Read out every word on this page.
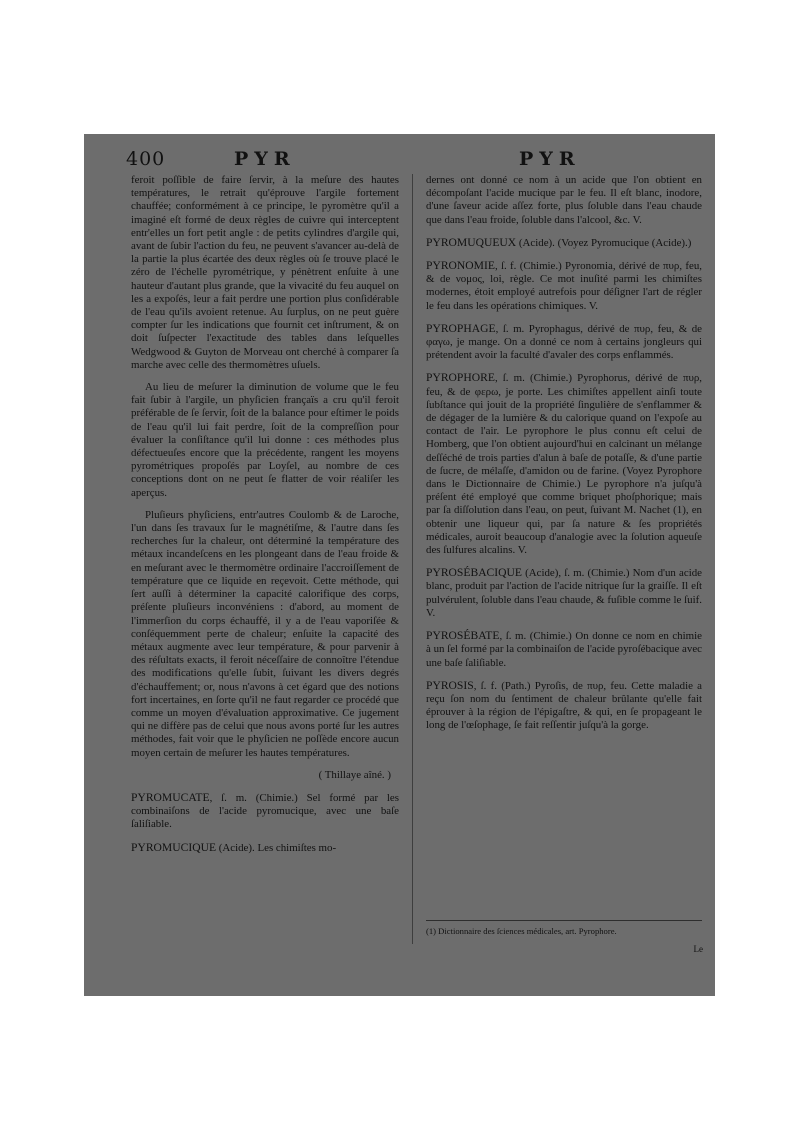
400	PYR	PYR

feroit poſſible de faire ſervir, à la meſure des hautes températures, le retrait qu'éprouve l'argile fortement chauffée; conformément à ce principe, le pyromètre qu'il a imaginé eſt formé de deux règles de cuivre qui interceptent entr'elles un fort petit angle : de petits cylindres d'argile qui, avant de ſubir l'action du feu, ne peuvent s'avancer au-delà de la partie la plus écartée des deux règles où ſe trouve placé le zéro de l'échelle pyrométrique, y pénètrent enſuite à une hauteur d'autant plus grande, que la vivacité du feu auquel on les a expoſés, leur a fait perdre une portion plus conſidérable de l'eau qu'ils avoient retenue. Au ſurplus, on ne peut guère compter ſur les indications que fournit cet inſtrument, & on doit ſuſpecter l'exactitude des tables dans leſquelles Wedgwood & Guyton de Morveau ont cherché à comparer ſa marche avec celle des thermomètres uſuels.

Au lieu de meſurer la diminution de volume que le feu fait ſubir à l'argile, un phyſicien françaïs a cru qu'il feroit préférable de ſe ſervir, ſoit de la balance pour eſtimer le poids de l'eau qu'il lui fait perdre, ſoit de la compreſſion pour évaluer la conſiſtance qu'il lui donne : ces méthodes plus défectueuſes encore que la précédente, rangent les moyens pyrométriques propoſés par Loyſel, au nombre de ces conceptions dont on ne peut ſe flatter de voir réaliſer les aperçus.

Pluſieurs phyſiciens, entr'autres Coulomb & de Laroche, l'un dans ſes travaux ſur le magnétiſme, & l'autre dans ſes recherches ſur la chaleur, ont déterminé la température des métaux incandeſcens en les plongeant dans de l'eau froide & en meſurant avec le thermomètre ordinaire l'accroiſſement de température que ce liquide en reçevoit. Cette méthode, qui ſert auſſi à déterminer la capacité calorifique des corps, préſente pluſieurs inconvéniens : d'abord, au moment de l'immerſion du corps échauffé, il y a de l'eau vaporiſée & conſéquemment perte de chaleur; enſuite la capacité des métaux augmente avec leur température, & pour parvenir à des réſultats exacts, il feroit néceſſaire de connoître l'étendue des modifications qu'elle ſubit, ſuivant les divers degrés d'échauffement; or, nous n'avons à cet égard que des notions fort incertaines, en ſorte qu'il ne faut regarder ce procédé que comme un moyen d'évaluation approximative. Ce jugement qui ne diffère pas de celui que nous avons porté ſur les autres méthodes, fait voir que le phyſicien ne poſſède encore aucun moyen certain de meſurer les hautes températures.

( Thillaye aîné. )

PYROMUCATE, ſ. m. (Chimie.) Sel formé par les combinaiſons de l'acide pyromucique, avec une baſe ſaliſiable.

PYROMUCIQUE (Acide). Les chimiſtes mo-

dernes ont donné ce nom à un acide que l'on obtient en décompoſant l'acide mucique par le feu. Il eſt blanc, inodore, d'une ſaveur acide aſſez forte, plus ſoluble dans l'eau chaude que dans l'eau froide, ſoluble dans l'alcool, &c. V.

PYROMUQUEUX (Acide). (Voyez Pyromucique (Acide).)

PYRONOMIE, ſ. f. (Chimie.) Pyronomia, dérivé de πυρ, feu, & de νομος, loi, règle. Ce mot inuſité parmi les chimiſtes modernes, étoit employé autrefois pour déſigner l'art de régler le feu dans les opérations chimiques. V.

PYROPHAGE, ſ. m. Pyrophagus, dérivé de πυρ, feu, & de φαγω, je mange. On a donné ce nom à certains jongleurs qui prétendent avoir la faculté d'avaler des corps enflammés.

PYROPHORE, ſ. m. (Chimie.) Pyrophorus, dérivé de πυρ, feu, & de φερω, je porte. Les chimiſtes appellent ainſi toute ſubſtance qui jouit de la propriété ſingulière de s'enflammer & de dégager de la lumière & du calorique quand on l'expoſe au contact de l'air. Le pyrophore le plus connu eſt celui de Homberg, que l'on obtient aujourd'hui en calcinant un mélange deſſéché de trois parties d'alun à baſe de potaſſe, & d'une partie de ſucre, de mélaſſe, d'amidon ou de farine. (Voyez Pyrophore dans le Dictionnaire de Chimie.) Le pyrophore n'a juſqu'à préſent été employé que comme briquet phoſphorique; mais par ſa diſſolution dans l'eau, on peut, ſuivant M. Nachet (1), en obtenir une liqueur qui, par ſa nature & ſes propriétés médicales, auroit beaucoup d'analogie avec la ſolution aqueuſe des ſulfures alcalins. V.

PYROSÉBACIQUE (Acide), ſ. m. (Chimie.) Nom d'un acide blanc, produit par l'action de l'acide nitrique ſur la graiſſe. Il eſt pulvérulent, ſoluble dans l'eau chaude, & fuſible comme le ſuif. V.

PYROSÉBATE, ſ. m. (Chimie.) On donne ce nom en chimie à un ſel formé par la combinaiſon de l'acide pyroſébacique avec une baſe ſaliſiable.

PYROSIS, ſ. f. (Path.) Pyroſis, de πυρ, feu. Cette maladie a reçu ſon nom du ſentiment de chaleur brûlante qu'elle fait éprouver à la région de l'épigaſtre, & qui, en ſe propageant le long de l'œſophage, ſe fait reſſentir juſqu'à la gorge.

(1) Dictionnaire des ſciences médicales, art. Pyrophore.
Le
